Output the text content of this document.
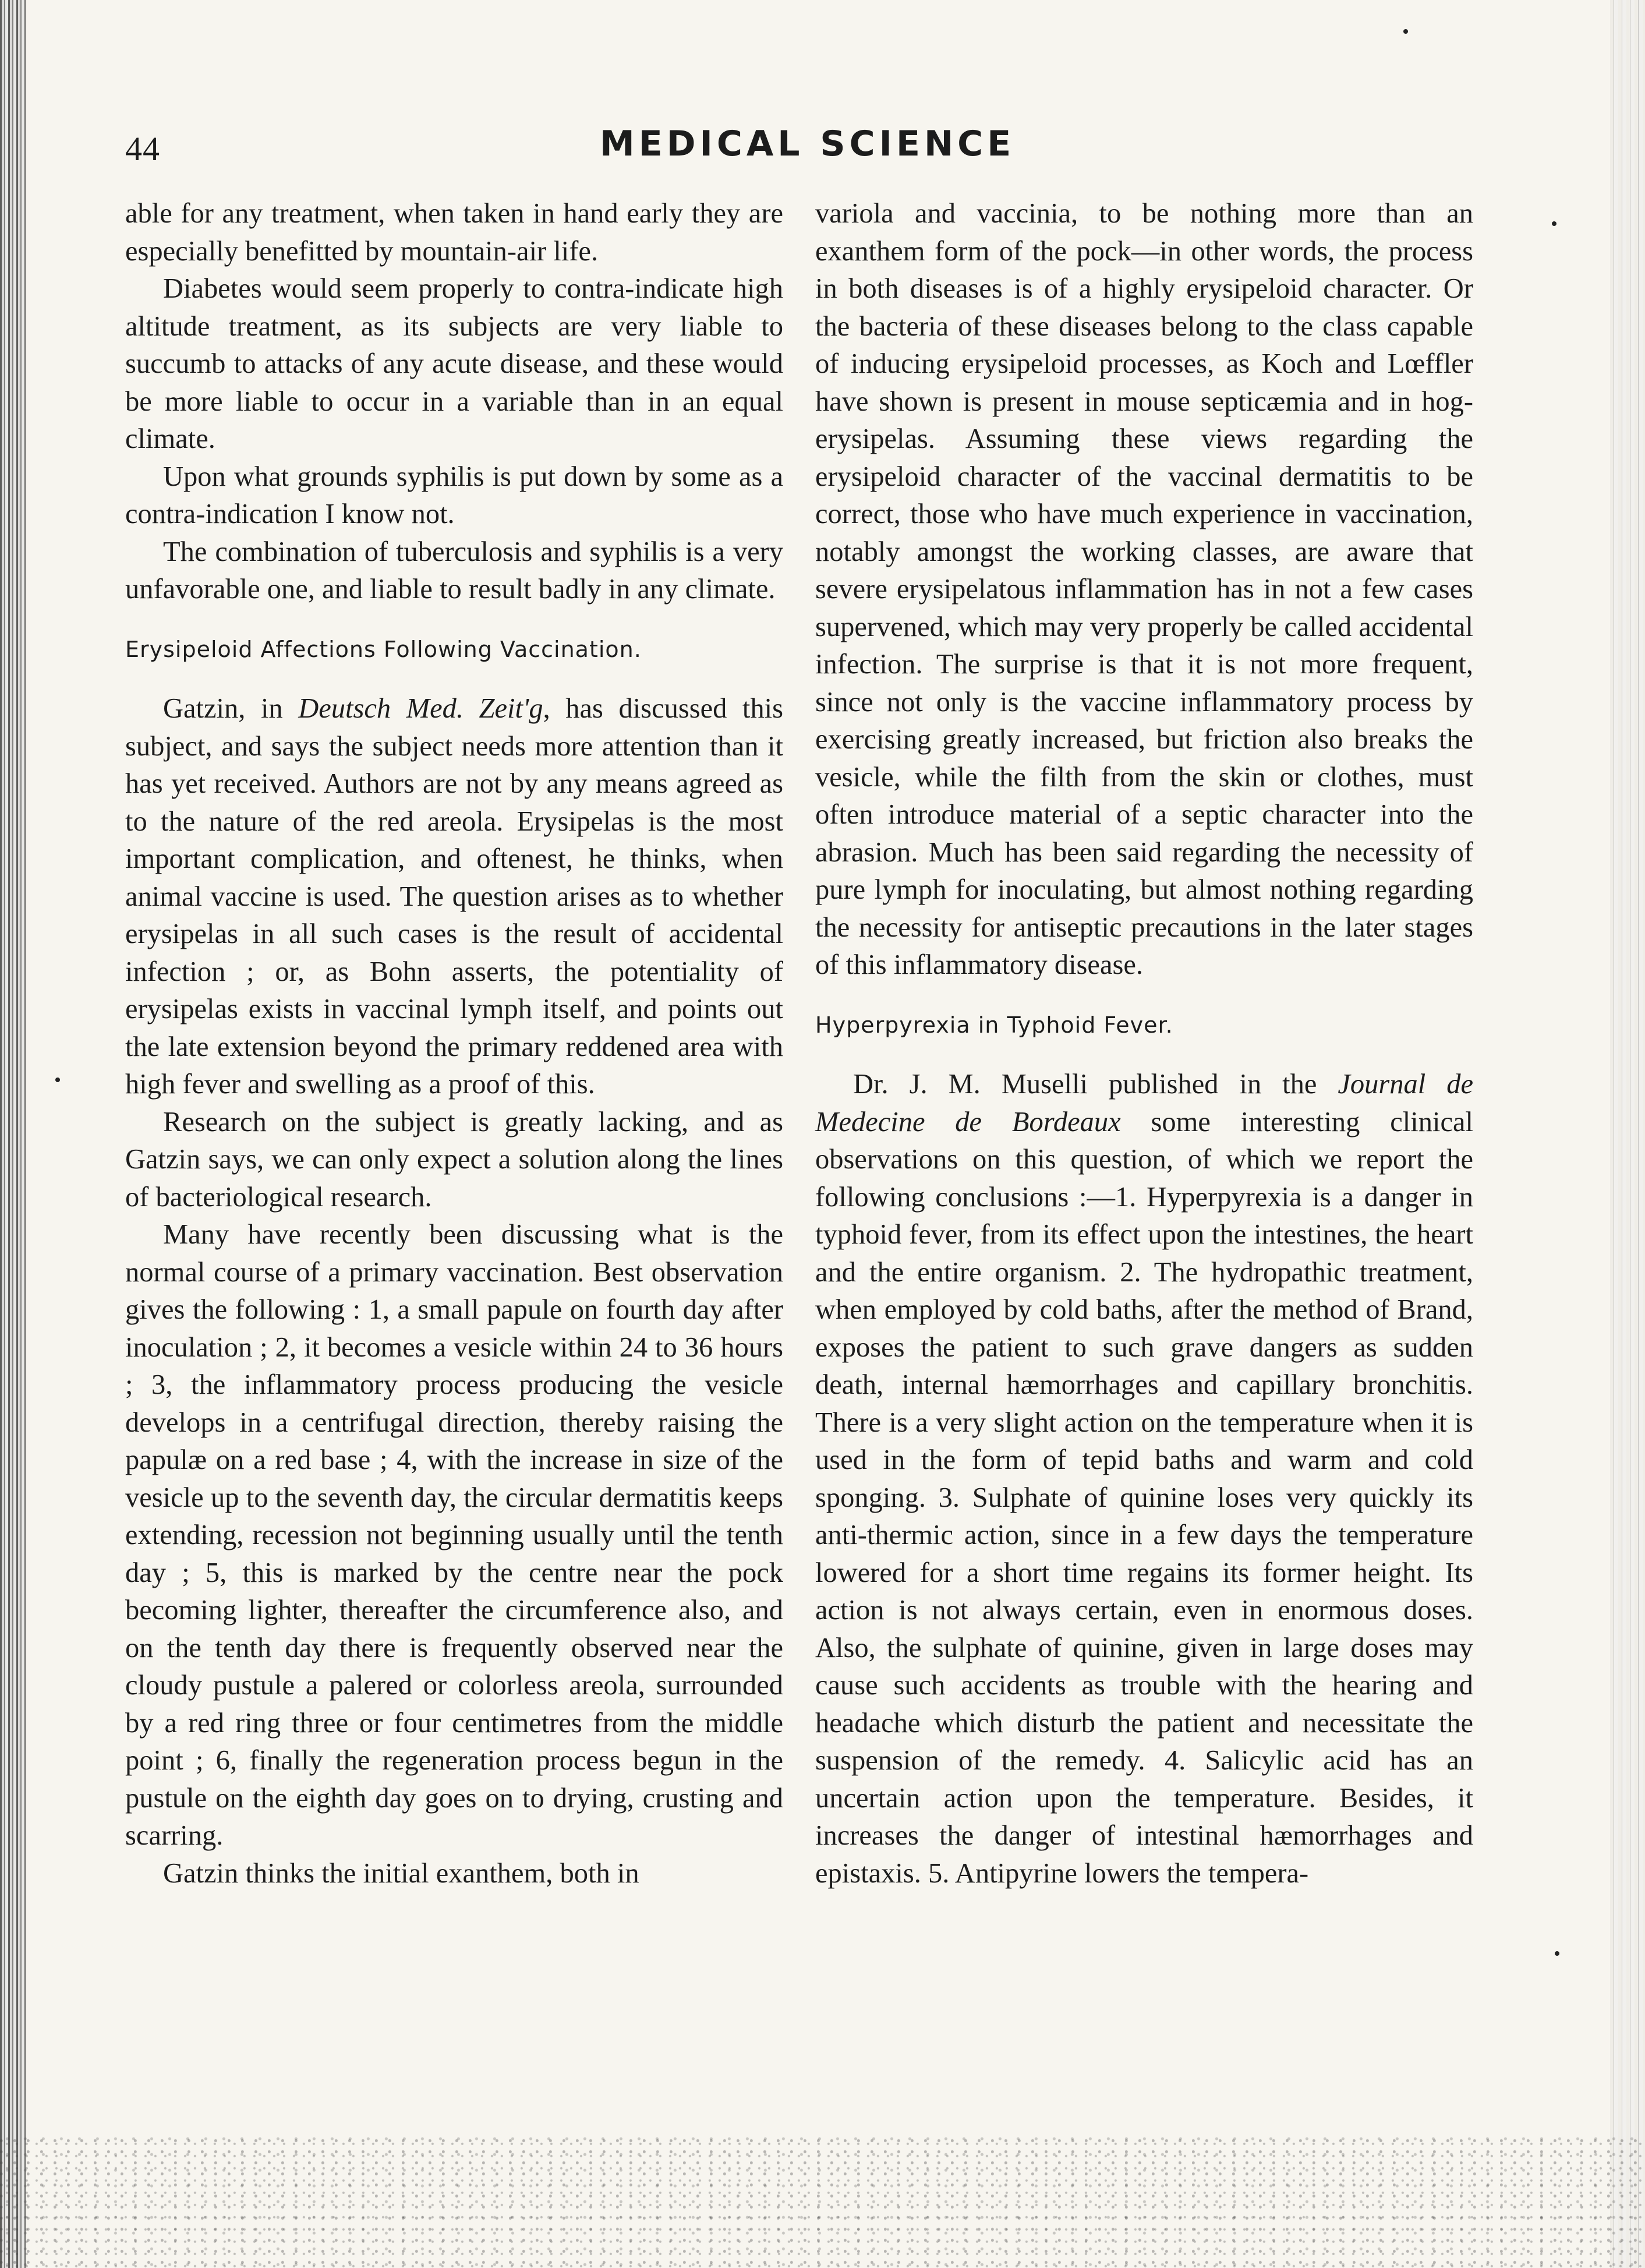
44	MEDICAL SCIENCE

able for any treatment, when taken in hand early they are especially benefitted by mountain-air life.

Diabetes would seem properly to contra-indicate high altitude treatment, as its subjects are very liable to succumb to attacks of any acute disease, and these would be more liable to occur in a variable than in an equal climate.

Upon what grounds syphilis is put down by some as a contra-indication I know not.

The combination of tuberculosis and syphilis is a very unfavorable one, and liable to result badly in any climate.

Erysipeloid Affections Following Vaccination.

Gatzin, in Deutsch Med. Zeit'g, has discussed this subject, and says the subject needs more attention than it has yet received. Authors are not by any means agreed as to the nature of the red areola. Erysipelas is the most important complication, and oftenest, he thinks, when animal vaccine is used. The question arises as to whether erysipelas in all such cases is the result of accidental infection ; or, as Bohn asserts, the potentiality of erysipelas exists in vaccinal lymph itself, and points out the late extension beyond the primary reddened area with high fever and swelling as a proof of this.

Research on the subject is greatly lacking, and as Gatzin says, we can only expect a solution along the lines of bacteriological research.

Many have recently been discussing what is the normal course of a primary vaccination. Best observation gives the following : 1, a small papule on fourth day after inoculation ; 2, it becomes a vesicle within 24 to 36 hours ; 3, the inflammatory process producing the vesicle develops in a centrifugal direction, thereby raising the papulæ on a red base ; 4, with the increase in size of the vesicle up to the seventh day, the circular dermatitis keeps extending, recession not beginning usually until the tenth day ; 5, this is marked by the centre near the pock becoming lighter, thereafter the circumference also, and on the tenth day there is frequently observed near the cloudy pustule a palered or colorless areola, surrounded by a red ring three or four centimetres from the middle point ; 6, finally the regeneration process begun in the pustule on the eighth day goes on to drying, crusting and scarring.

Gatzin thinks the initial exanthem, both in

variola and vaccinia, to be nothing more than an exanthem form of the pock—in other words, the process in both diseases is of a highly erysipeloid character. Or the bacteria of these diseases belong to the class capable of inducing erysipeloid processes, as Koch and Lœffler have shown is present in mouse septicæmia and in hog-erysipelas. Assuming these views regarding the erysipeloid character of the vaccinal dermatitis to be correct, those who have much experience in vaccination, notably amongst the working classes, are aware that severe erysipelatous inflammation has in not a few cases supervened, which may very properly be called accidental infection. The surprise is that it is not more frequent, since not only is the vaccine inflammatory process by exercising greatly increased, but friction also breaks the vesicle, while the filth from the skin or clothes, must often introduce material of a septic character into the abrasion. Much has been said regarding the necessity of pure lymph for inoculating, but almost nothing regarding the necessity for antiseptic precautions in the later stages of this inflammatory disease.

Hyperpyrexia in Typhoid Fever.

Dr. J. M. Muselli published in the Journal de Medecine de Bordeaux some interesting clinical observations on this question, of which we report the following conclusions :—1. Hyperpyrexia is a danger in typhoid fever, from its effect upon the intestines, the heart and the entire organism. 2. The hydropathic treatment, when employed by cold baths, after the method of Brand, exposes the patient to such grave dangers as sudden death, internal hæmorrhages and capillary bronchitis. There is a very slight action on the temperature when it is used in the form of tepid baths and warm and cold sponging. 3. Sulphate of quinine loses very quickly its anti-thermic action, since in a few days the temperature lowered for a short time regains its former height. Its action is not always certain, even in enormous doses. Also, the sulphate of quinine, given in large doses may cause such accidents as trouble with the hearing and headache which disturb the patient and necessitate the suspension of the remedy. 4. Salicylic acid has an uncertain action upon the temperature. Besides, it increases the danger of intestinal hæmorrhages and epistaxis. 5. Antipyrine lowers the tempera-
